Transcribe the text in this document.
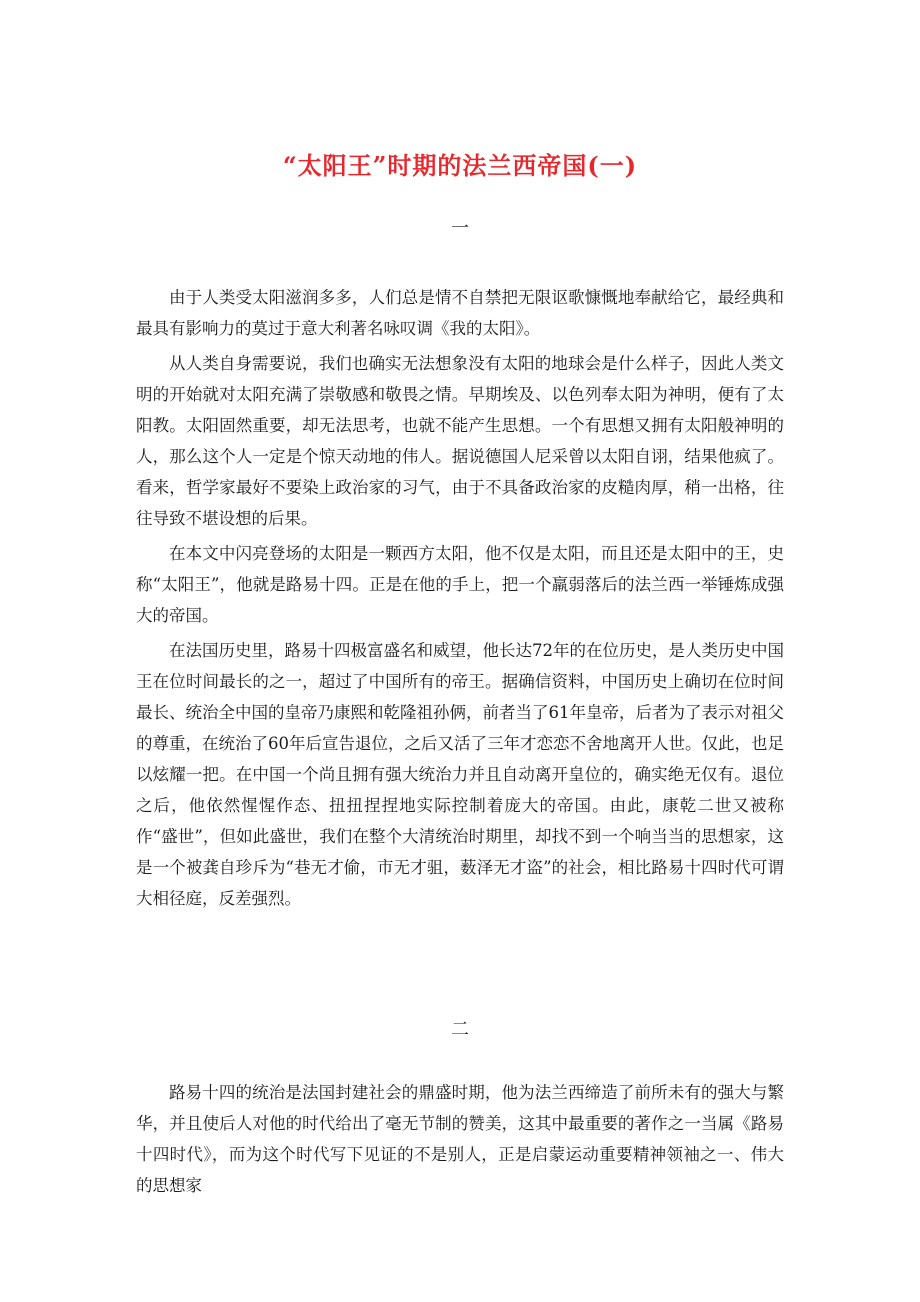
“太阳王”时期的法兰西帝国(一)
一

由于人类受太阳滋润多多，人们总是情不自禁把无限讴歌慷慨地奉献给它，最经典和最具有影响力的莫过于意大利著名咏叹调《我的太阳》。

从人类自身需要说，我们也确实无法想象没有太阳的地球会是什么样子，因此人类文明的开始就对太阳充满了崇敬感和敬畏之情。早期埃及、以色列奉太阳为神明，便有了太阳教。太阳固然重要，却无法思考，也就不能产生思想。一个有思想又拥有太阳般神明的人，那么这个人一定是个惊天动地的伟人。据说德国人尼采曾以太阳自诩，结果他疯了。看来，哲学家最好不要染上政治家的习气，由于不具备政治家的皮糙肉厚，稍一出格，往往导致不堪设想的后果。

在本文中闪亮登场的太阳是一颗西方太阳，他不仅是太阳，而且还是太阳中的王，史称“太阳王”，他就是路易十四。正是在他的手上，把一个羸弱落后的法兰西一举锤炼成强大的帝国。

在法国历史里，路易十四极富盛名和威望，他长达72年的在位历史，是人类历史中国王在位时间最长的之一，超过了中国所有的帝王。据确信资料，中国历史上确切在位时间最长、统治全中国的皇帝乃康熙和乾隆祖孙俩，前者当了61年皇帝，后者为了表示对祖父的尊重，在统治了60年后宣告退位，之后又活了三年才恋恋不舍地离开人世。仅此，也足以炫耀一把。在中国一个尚且拥有强大统治力并且自动离开皇位的，确实绝无仅有。退位之后，他依然惺惺作态、扭扭捏捏地实际控制着庞大的帝国。由此，康乾二世又被称作“盛世”，但如此盛世，我们在整个大清统治时期里，却找不到一个响当当的思想家，这是一个被龚自珍斥为“巷无才偷，市无才驵，薮泽无才盗”的社会，相比路易十四时代可谓大相径庭，反差强烈。

二

路易十四的统治是法国封建社会的鼎盛时期，他为法兰西缔造了前所未有的强大与繁华，并且使后人对他的时代给出了毫无节制的赞美，这其中最重要的著作之一当属《路易十四时代》，而为这个时代写下见证的不是别人，正是启蒙运动重要精神领袖之一、伟大的思想家
